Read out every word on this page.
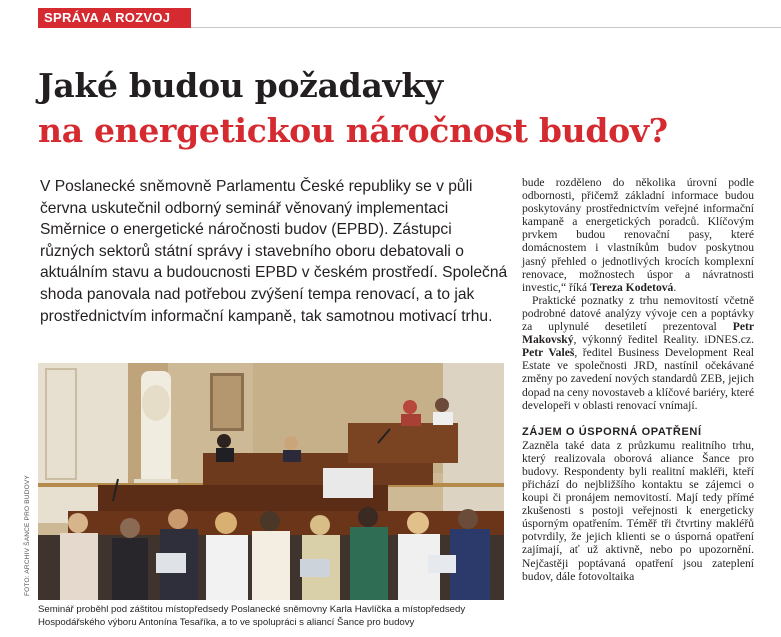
SPRÁVA A ROZVOJ
Jaké budou požadavky
na energetickou náročnost budov?

V Poslanecké sněmovně Parlamentu České republiky se v půli června uskutečnil odborný seminář věnovaný implementaci Směrnice o energetické náročnosti budov (EPBD). Zástupci různých sektorů státní správy i stavebního oboru debatovali o aktuálním stavu a budoucnosti EPBD v českém prostředí. Společná shoda panovala nad potřebou zvýšení tempa renovací, a to jak prostřednictvím informační kampaně, tak samotnou motivací trhu.

FOTO: ARCHIV ŠANCE PRO BUDOVY

Seminář proběhl pod záštitou místopředsedy Poslanecké sněmovny Karla Havlíčka a místopředsedy Hospodářského výboru Antonína Tesaříka, a to ve spolupráci s aliancí Šance pro budovy

bude rozděleno do několika úrovní podle odbornosti, přičemž základní informace budou poskytovány prostřednictvím veřejné informační kampaně a energetických poradců. Klíčovým prvkem budou renovační pasy, které domácnostem i vlastníkům budov poskytnou jasný přehled o jednotlivých krocích komplexní renovace, možnostech úspor a návratnosti investic,“ říká Tereza Kodetová.

Praktické poznatky z trhu nemovitostí včetně podrobné datové analýzy vývoje cen a poptávky za uplynulé desetiletí prezentoval Petr Makovský, výkonný ředitel Reality. iDNES.cz. Petr Valeš, ředitel Business Development Real Estate ve společnosti JRD, nastínil očekávané změny po zavedení nových standardů ZEB, jejich dopad na ceny novostaveb a klíčové bariéry, které developeři v oblasti renovací vnímají.

ZÁJEM O ÚSPORNÁ OPATŘENÍ

Zazněla také data z průzkumu realitního trhu, který realizovala oborová aliance Šance pro budovy. Respondenty byli realitní makléři, kteří přichází do nejbližšího kontaktu se zájemci o koupi či pronájem nemovitostí. Mají tedy přímé zkušenosti s postoji veřejnosti k energeticky úsporným opatřením. Téměř tři čtvrtiny makléřů potvrdily, že jejich klienti se o úsporná opatření zajímají, ať už aktivně, nebo po upozornění. Nejčastěji poptávaná opatření jsou zateplení budov, dále fotovoltaika
